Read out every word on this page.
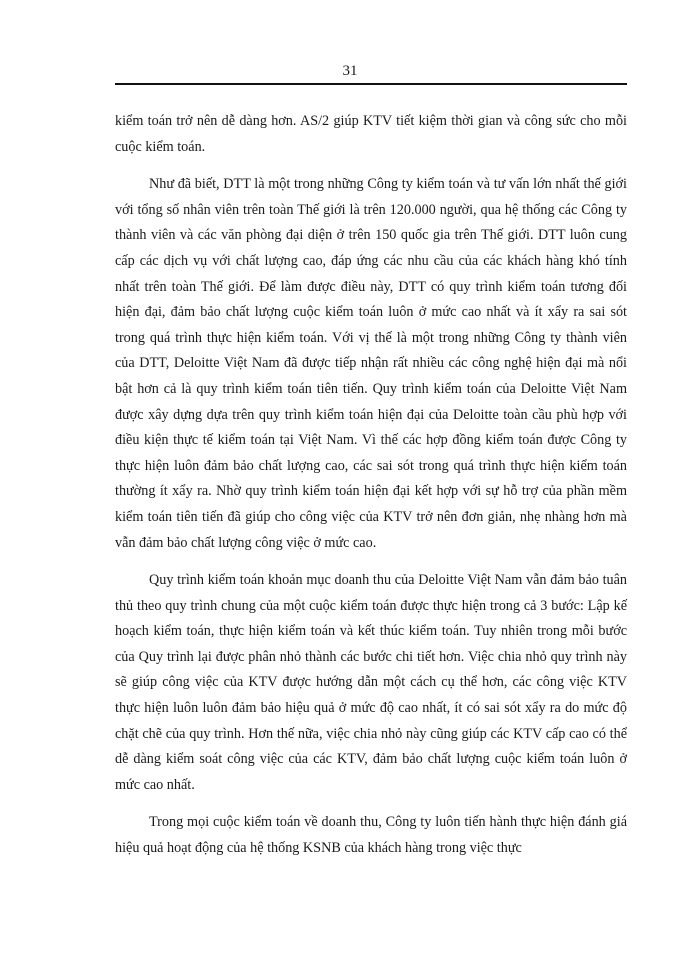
31

kiểm toán trở nên dễ dàng hơn. AS/2 giúp KTV tiết kiệm thời gian và công sức cho mỗi cuộc kiểm toán.

Như đã biết, DTT là một trong những Công ty kiểm toán và tư vấn lớn nhất thế giới với tổng số nhân viên trên toàn Thế giới là trên 120.000 người, qua hệ thống các Công ty thành viên và các văn phòng đại diện ở trên 150 quốc gia trên Thế giới. DTT luôn cung cấp các dịch vụ với chất lượng cao, đáp ứng các nhu cầu của các khách hàng khó tính nhất trên toàn Thế giới. Để làm được điều này, DTT có quy trình kiểm toán tương đối hiện đại, đảm bảo chất lượng cuộc kiểm toán luôn ở mức cao nhất và ít xẩy ra sai sót trong quá trình thực hiện kiểm toán. Với vị thế là một trong những Công ty thành viên của DTT, Deloitte Việt Nam đã được tiếp nhận rất nhiều các công nghệ hiện đại mà nổi bật hơn cả là quy trình kiểm toán tiên tiến. Quy trình kiểm toán của Deloitte Việt Nam được xây dựng dựa trên quy trình kiểm toán hiện đại của Deloitte toàn cầu phù hợp với điều kiện thực tế kiểm toán tại Việt Nam. Vì thế các hợp đồng kiểm toán được Công ty thực hiện luôn đảm bảo chất lượng cao, các sai sót trong quá trình thực hiện kiểm toán thường ít xẩy ra. Nhờ quy trình kiểm toán hiện đại kết hợp với sự hỗ trợ của phần mềm kiểm toán tiên tiến đã giúp cho công việc của KTV trở nên đơn giản, nhẹ nhàng hơn mà vẫn đảm bảo chất lượng công việc ở mức cao.

Quy trình kiểm toán khoản mục doanh thu của Deloitte Việt Nam vẫn đảm bảo tuân thủ theo quy trình chung của một cuộc kiểm toán được thực hiện trong cả 3 bước: Lập kế hoạch kiểm toán, thực hiện kiểm toán và kết thúc kiểm toán. Tuy nhiên trong mỗi bước của Quy trình lại được phân nhỏ thành các bước chi tiết hơn. Việc chia nhỏ quy trình này sẽ giúp công việc của KTV được hướng dẫn một cách cụ thể hơn, các công việc KTV thực hiện luôn luôn đảm bảo hiệu quả ở mức độ cao nhất, ít có sai sót xẩy ra do mức độ chặt chẽ của quy trình. Hơn thế nữa, việc chia nhỏ này cũng giúp các KTV cấp cao có thể dễ dàng kiểm soát công việc của các KTV, đảm bảo chất lượng cuộc kiểm toán luôn ở mức cao nhất.

Trong mọi cuộc kiểm toán về doanh thu, Công ty luôn tiến hành thực hiện đánh giá hiệu quả hoạt động của hệ thống KSNB của khách hàng trong việc thực
